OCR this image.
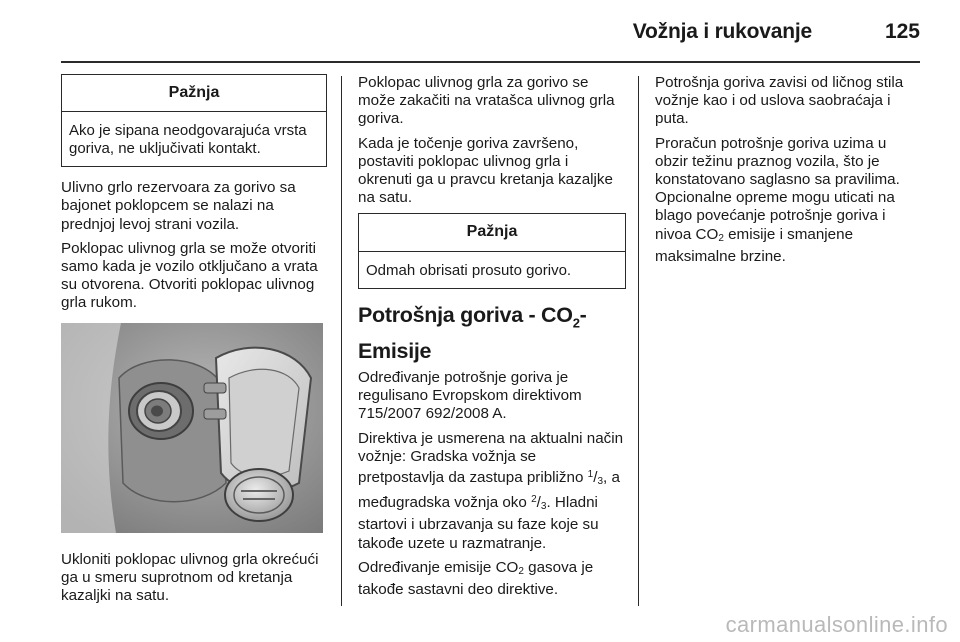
Vožnja i rukovanje	125
Pažnja
Ako je sipana neodgovarajuća vrsta goriva, ne uključivati kontakt.

Ulivno grlo rezervoara za gorivo sa bajonet poklopcem se nalazi na prednjoj levoj strani vozila.

Poklopac ulivnog grla se može otvoriti samo kada je vozilo otključano a vrata su otvorena. Otvoriti poklopac ulivnog grla rukom.

Ukloniti poklopac ulivnog grla okrećući ga u smeru suprotnom od kretanja kazaljki na satu.

Poklopac ulivnog grla za gorivo se može zakačiti na vratašca ulivnog grla goriva.

Kada je točenje goriva završeno, postaviti poklopac ulivnog grla i okrenuti ga u pravcu kretanja kazaljke na satu.

Pažnja
Odmah obrisati prosuto gorivo.
Potrošnja goriva - $CO_2$-Emisije

Određivanje potrošnje goriva je regulisano Evropskom direktivom 715/2007 692/2008 A.

Direktiva je usmerena na aktualni način vožnje: Gradska vožnja se pretpostavlja da zastupa približno $^1/_3$, a međugradska vožnja oko $^2/_3$. Hladni startovi i ubrzavanja su faze koje su takođe uzete u razmatranje.

Određivanje emisije $CO_2$ gasova je takođe sastavni deo direktive.

Potrošnja goriva zavisi od ličnog stila vožnje kao i od uslova saobraćaja i puta.

Proračun potrošnje goriva uzima u obzir težinu praznog vozila, što je konstatovano saglasno sa pravilima. Opcionalne opreme mogu uticati na blago povećanje potrošnje goriva i nivoa $CO_2$ emisije i smanjene maksimalne brzine.

carmanualsonline.info
